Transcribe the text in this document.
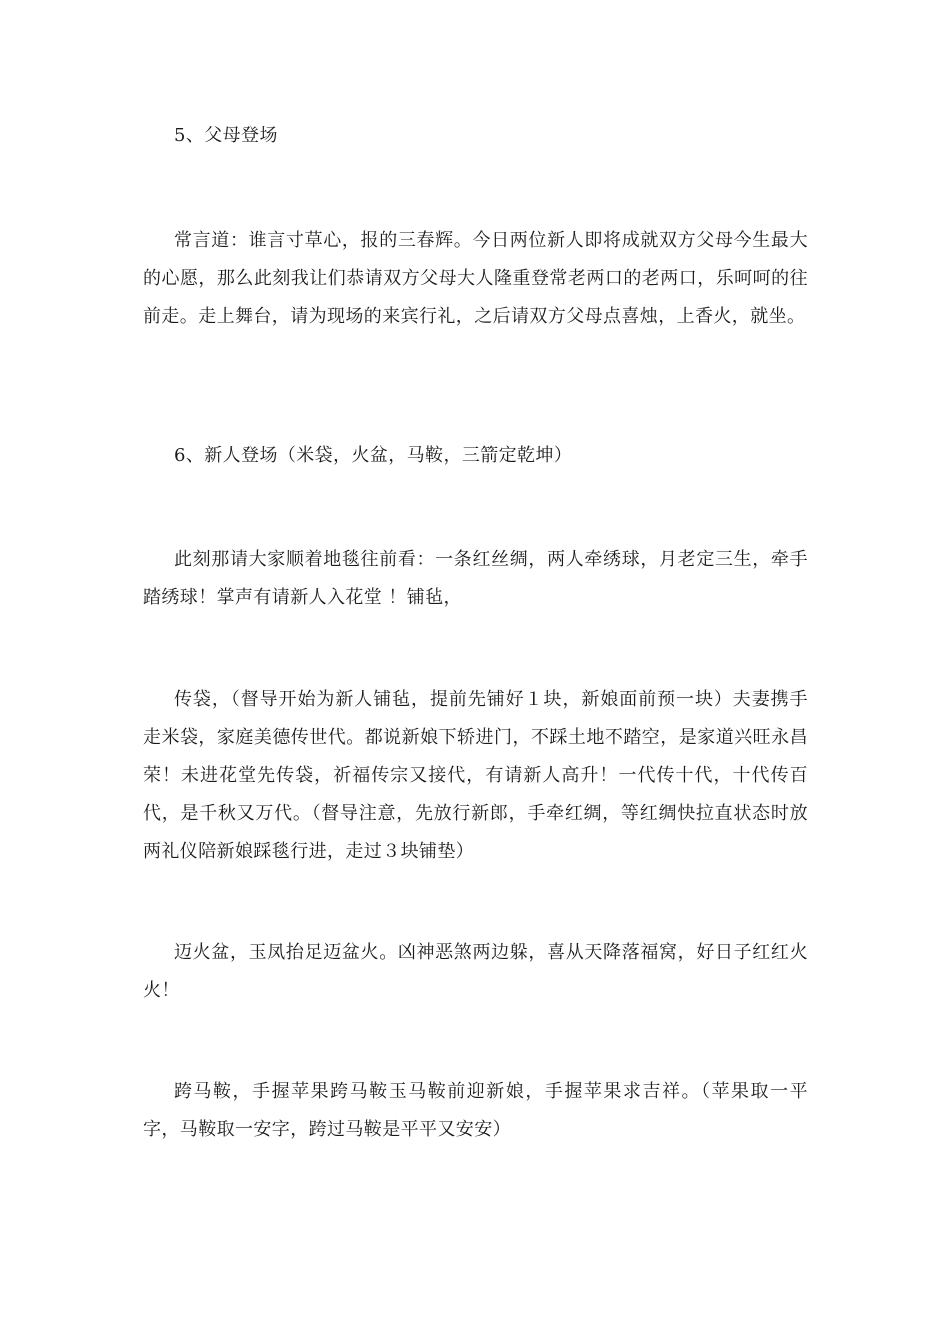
5、父母登场

常言道：谁言寸草心，报的三春辉。今日两位新人即将成就双方父母今生最大的心愿，那么此刻我让们恭请双方父母大人隆重登常老两口的老两口，乐呵呵的往前走。走上舞台，请为现场的来宾行礼，之后请双方父母点喜烛，上香火，就坐。

6、新人登场（米袋，火盆，马鞍，三箭定乾坤）

此刻那请大家顺着地毯往前看：一条红丝绸，两人牵绣球，月老定三生，牵手踏绣球！掌声有请新人入花堂 ！铺毡，

传袋，（督导开始为新人铺毡，提前先铺好１块，新娘面前预一块）夫妻携手走米袋，家庭美德传世代。都说新娘下轿进门，不踩土地不踏空，是家道兴旺永昌荣！未进花堂先传袋，祈福传宗又接代，有请新人高升！一代传十代，十代传百代，是千秋又万代。（督导注意，先放行新郎，手牵红绸，等红绸快拉直状态时放两礼仪陪新娘踩毯行进，走过３块铺垫）

迈火盆，玉凤抬足迈盆火。凶神恶煞两边躲，喜从天降落福窝，好日子红红火火！

跨马鞍，手握苹果跨马鞍玉马鞍前迎新娘，手握苹果求吉祥。（苹果取一平字，马鞍取一安字，跨过马鞍是平平又安安）
